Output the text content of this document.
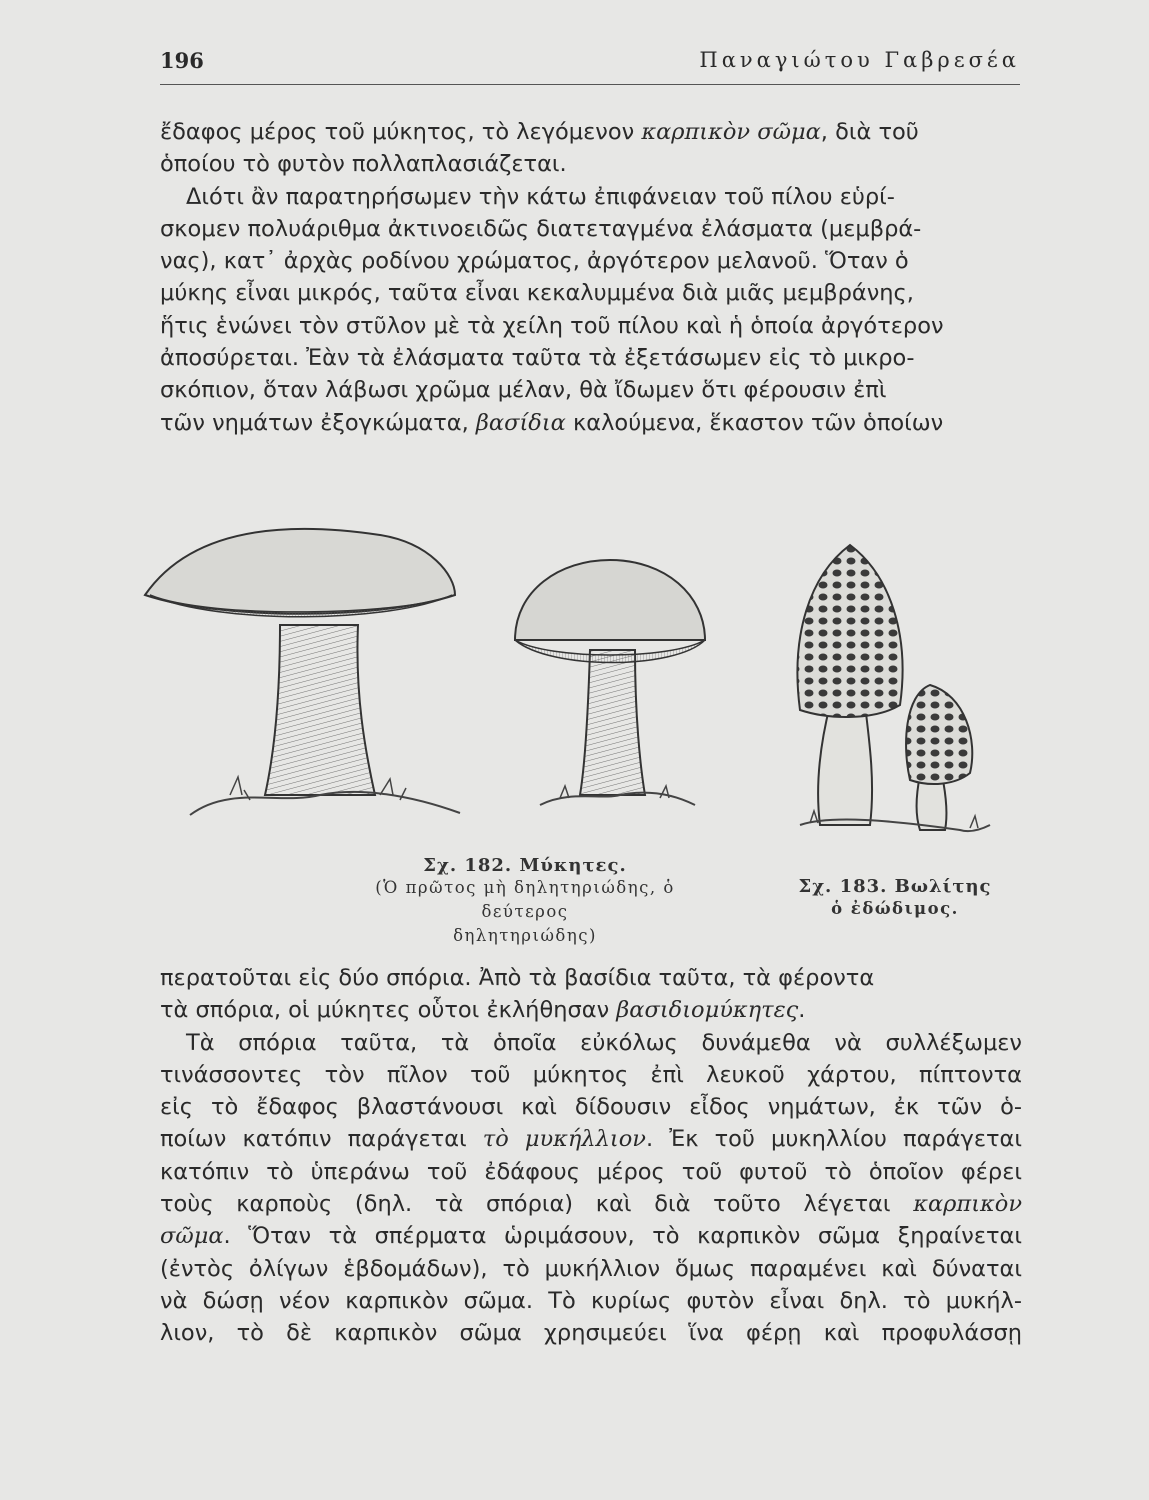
196	Παναγιώτου Γαβρεσέα

ἔδαφος μέρος τοῦ μύκητος, τὸ λεγόμενον καρπικὸν σῶμα, διὰ τοῦ
ὁποίου τὸ φυτὸν πολλαπλασιάζεται.

Διότι ἂν παρατηρήσωμεν τὴν κάτω ἐπιφάνειαν τοῦ πίλου εὑρί-
σκομεν πολυάριθμα ἀκτινοειδῶς διατεταγμένα ἐλάσματα (μεμβρά-
νας), κατ᾽ ἀρχὰς ροδίνου χρώματος, ἀργότερον μελανοῦ. Ὅταν ὁ
μύκης εἶναι μικρός, ταῦτα εἶναι κεκαλυμμένα διὰ μιᾶς μεμβράνης,
ἥτις ἑνώνει τὸν στῦλον μὲ τὰ χείλη τοῦ πίλου καὶ ἡ ὁποία ἀργότερον
ἀποσύρεται. Ἐὰν τὰ ἐλάσματα ταῦτα τὰ ἐξετάσωμεν εἰς τὸ μικρο-
σκόπιον, ὅταν λάβωσι χρῶμα μέλαν, θὰ ἴδωμεν ὅτι φέρουσιν ἐπὶ
τῶν νημάτων ἐξογκώματα, βασίδια καλούμενα, ἕκαστον τῶν ὁποίων

Σχ. 182. Μύκητες.
(Ὁ πρῶτος μὴ δηλητηριώδης, ὁ δεύτερος
δηλητηριώδης)
Σχ. 183. Βωλίτης
ὁ ἐδώδιμος.

περατοῦται εἰς δύο σπόρια. Ἀπὸ τὰ βασίδια ταῦτα, τὰ φέροντα
τὰ σπόρια, οἱ μύκητες οὗτοι ἐκλήθησαν βασιδιομύκητες.

Τὰ σπόρια ταῦτα, τὰ ὁποῖα εὐκόλως δυνάμεθα νὰ συλλέξωμεν
τινάσσοντες τὸν πῖλον τοῦ μύκητος ἐπὶ λευκοῦ χάρτου, πίπτοντα
εἰς τὸ ἔδαφος βλαστάνουσι καὶ δίδουσιν εἶδος νημάτων, ἐκ τῶν ὁ-
ποίων κατόπιν παράγεται τὸ μυκήλλιον. Ἐκ τοῦ μυκηλλίου παράγεται
κατόπιν τὸ ὑπεράνω τοῦ ἐδάφους μέρος τοῦ φυτοῦ τὸ ὁποῖον φέρει
τοὺς καρποὺς (δηλ. τὰ σπόρια) καὶ διὰ τοῦτο λέγεται καρπικὸν
σῶμα. Ὅταν τὰ σπέρματα ὡριμάσουν, τὸ καρπικὸν σῶμα ξηραίνεται
(ἐντὸς ὀλίγων ἑβδομάδων), τὸ μυκήλλιον ὅμως παραμένει καὶ δύναται
νὰ δώσῃ νέον καρπικὸν σῶμα. Τὸ κυρίως φυτὸν εἶναι δηλ. τὸ μυκήλ-
λιον, τὸ δὲ καρπικὸν σῶμα χρησιμεύει ἵνα φέρῃ καὶ προφυλάσσῃ
